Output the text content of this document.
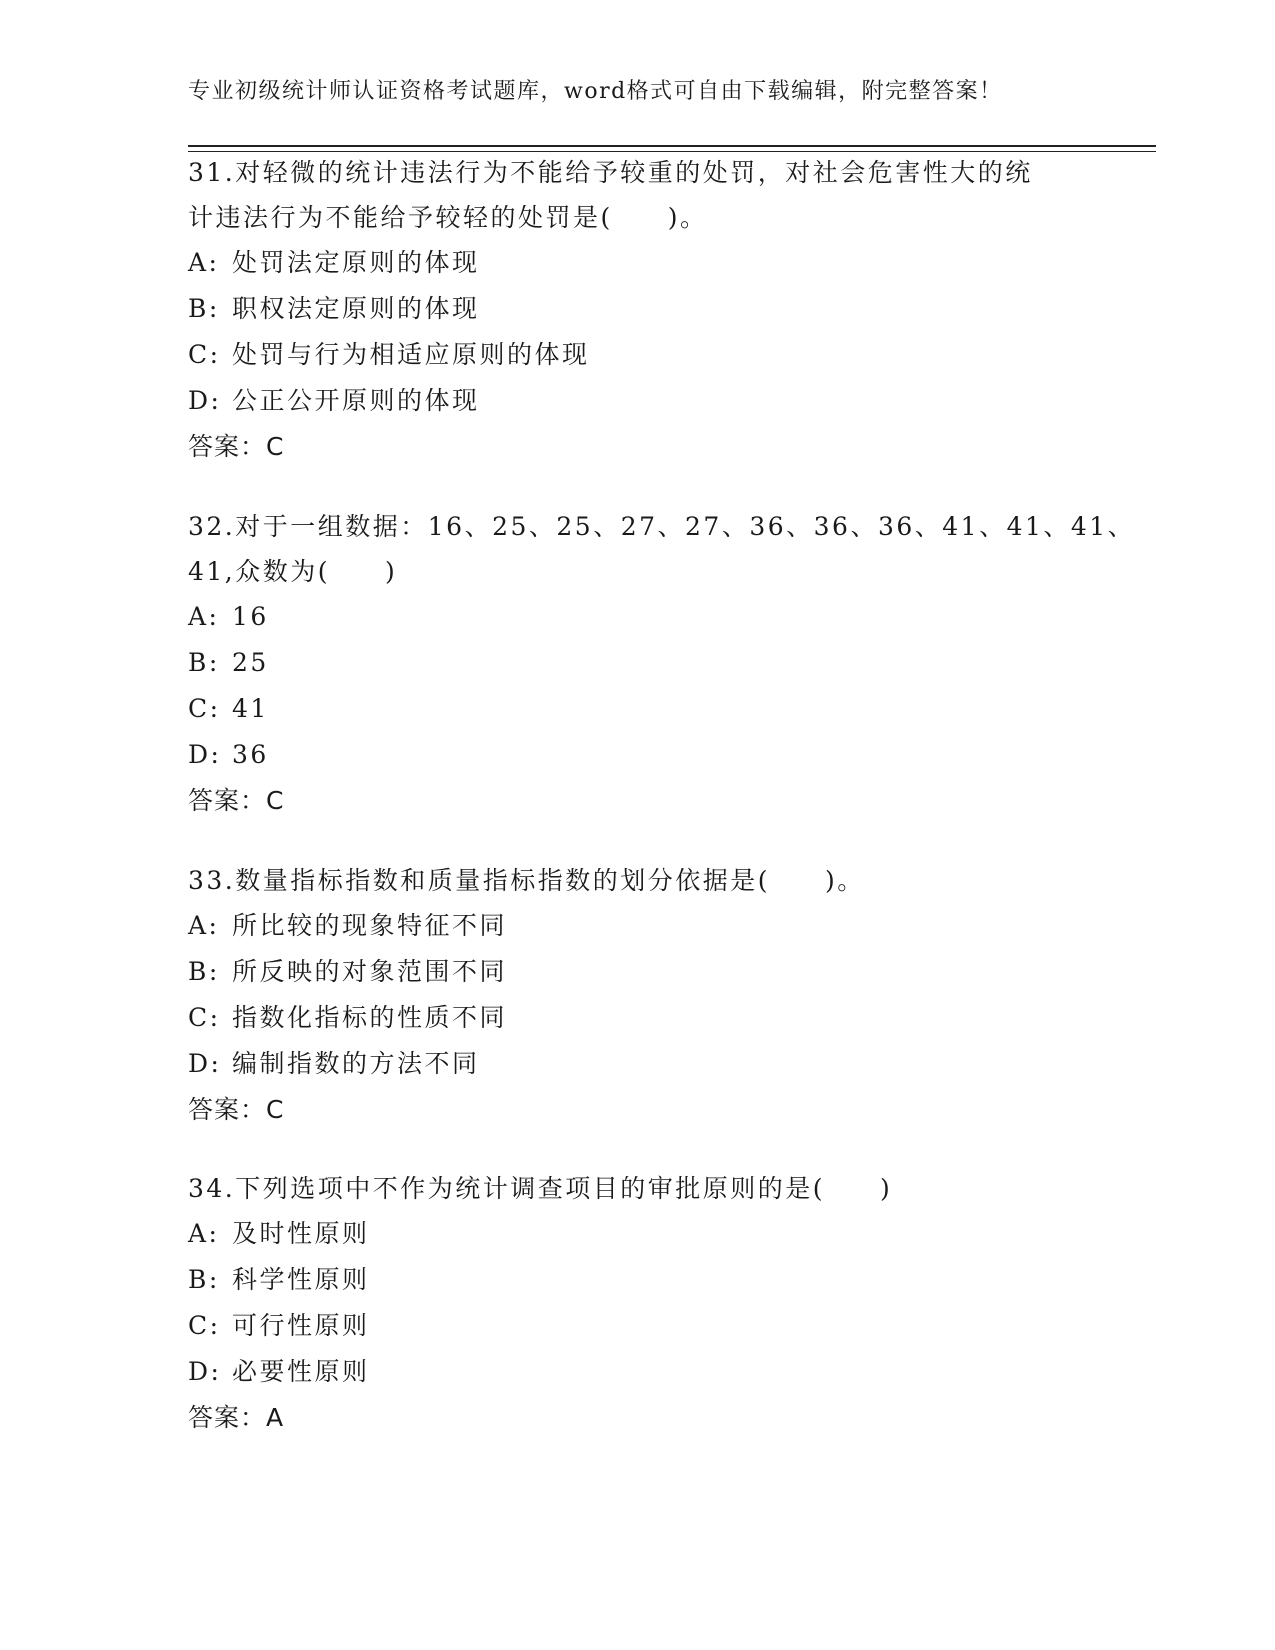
专业初级统计师认证资格考试题库，word格式可自由下载编辑，附完整答案！
31.对轻微的统计违法行为不能给予较重的处罚，对社会危害性大的统
计违法行为不能给予较轻的处罚是(　　)。
A: 处罚法定原则的体现
B: 职权法定原则的体现
C: 处罚与行为相适应原则的体现
D: 公正公开原则的体现
答案：C
32.对于一组数据：16、25、25、27、27、36、36、36、41、41、41、
41,众数为(　　)
A: 16
B: 25
C: 41
D: 36
答案：C
33.数量指标指数和质量指标指数的划分依据是(　　)。
A: 所比较的现象特征不同
B: 所反映的对象范围不同
C: 指数化指标的性质不同
D: 编制指数的方法不同
答案：C
34.下列选项中不作为统计调查项目的审批原则的是(　　)
A: 及时性原则
B: 科学性原则
C: 可行性原则
D: 必要性原则
答案：A
